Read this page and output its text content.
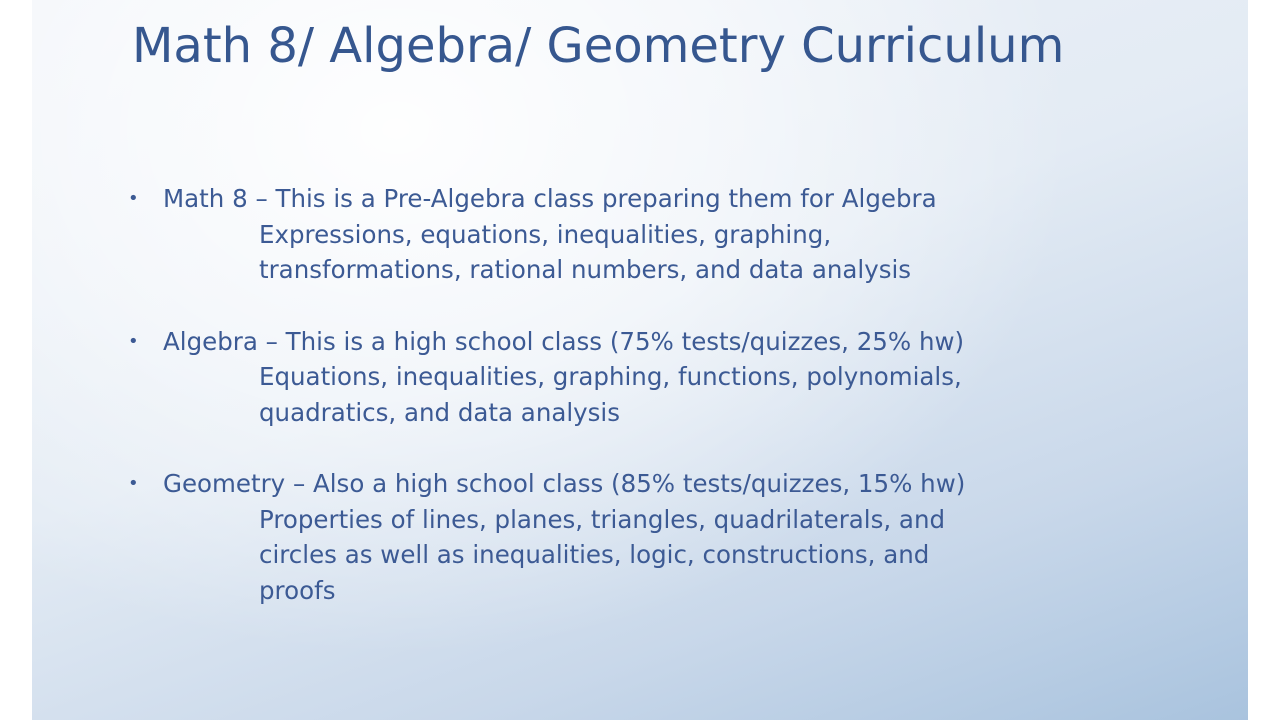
Math 8/ Algebra/ Geometry Curriculum
• Math 8 – This is a Pre-Algebra class preparing them for Algebra
Expressions, equations, inequalities, graphing,
transformations, rational numbers, and data analysis
• Algebra – This is a high school class (75% tests/quizzes, 25% hw)
Equations, inequalities, graphing, functions, polynomials,
quadratics, and data analysis
• Geometry – Also a high school class (85% tests/quizzes, 15% hw)
Properties of lines, planes, triangles, quadrilaterals, and
circles as well as inequalities, logic, constructions, and
proofs
